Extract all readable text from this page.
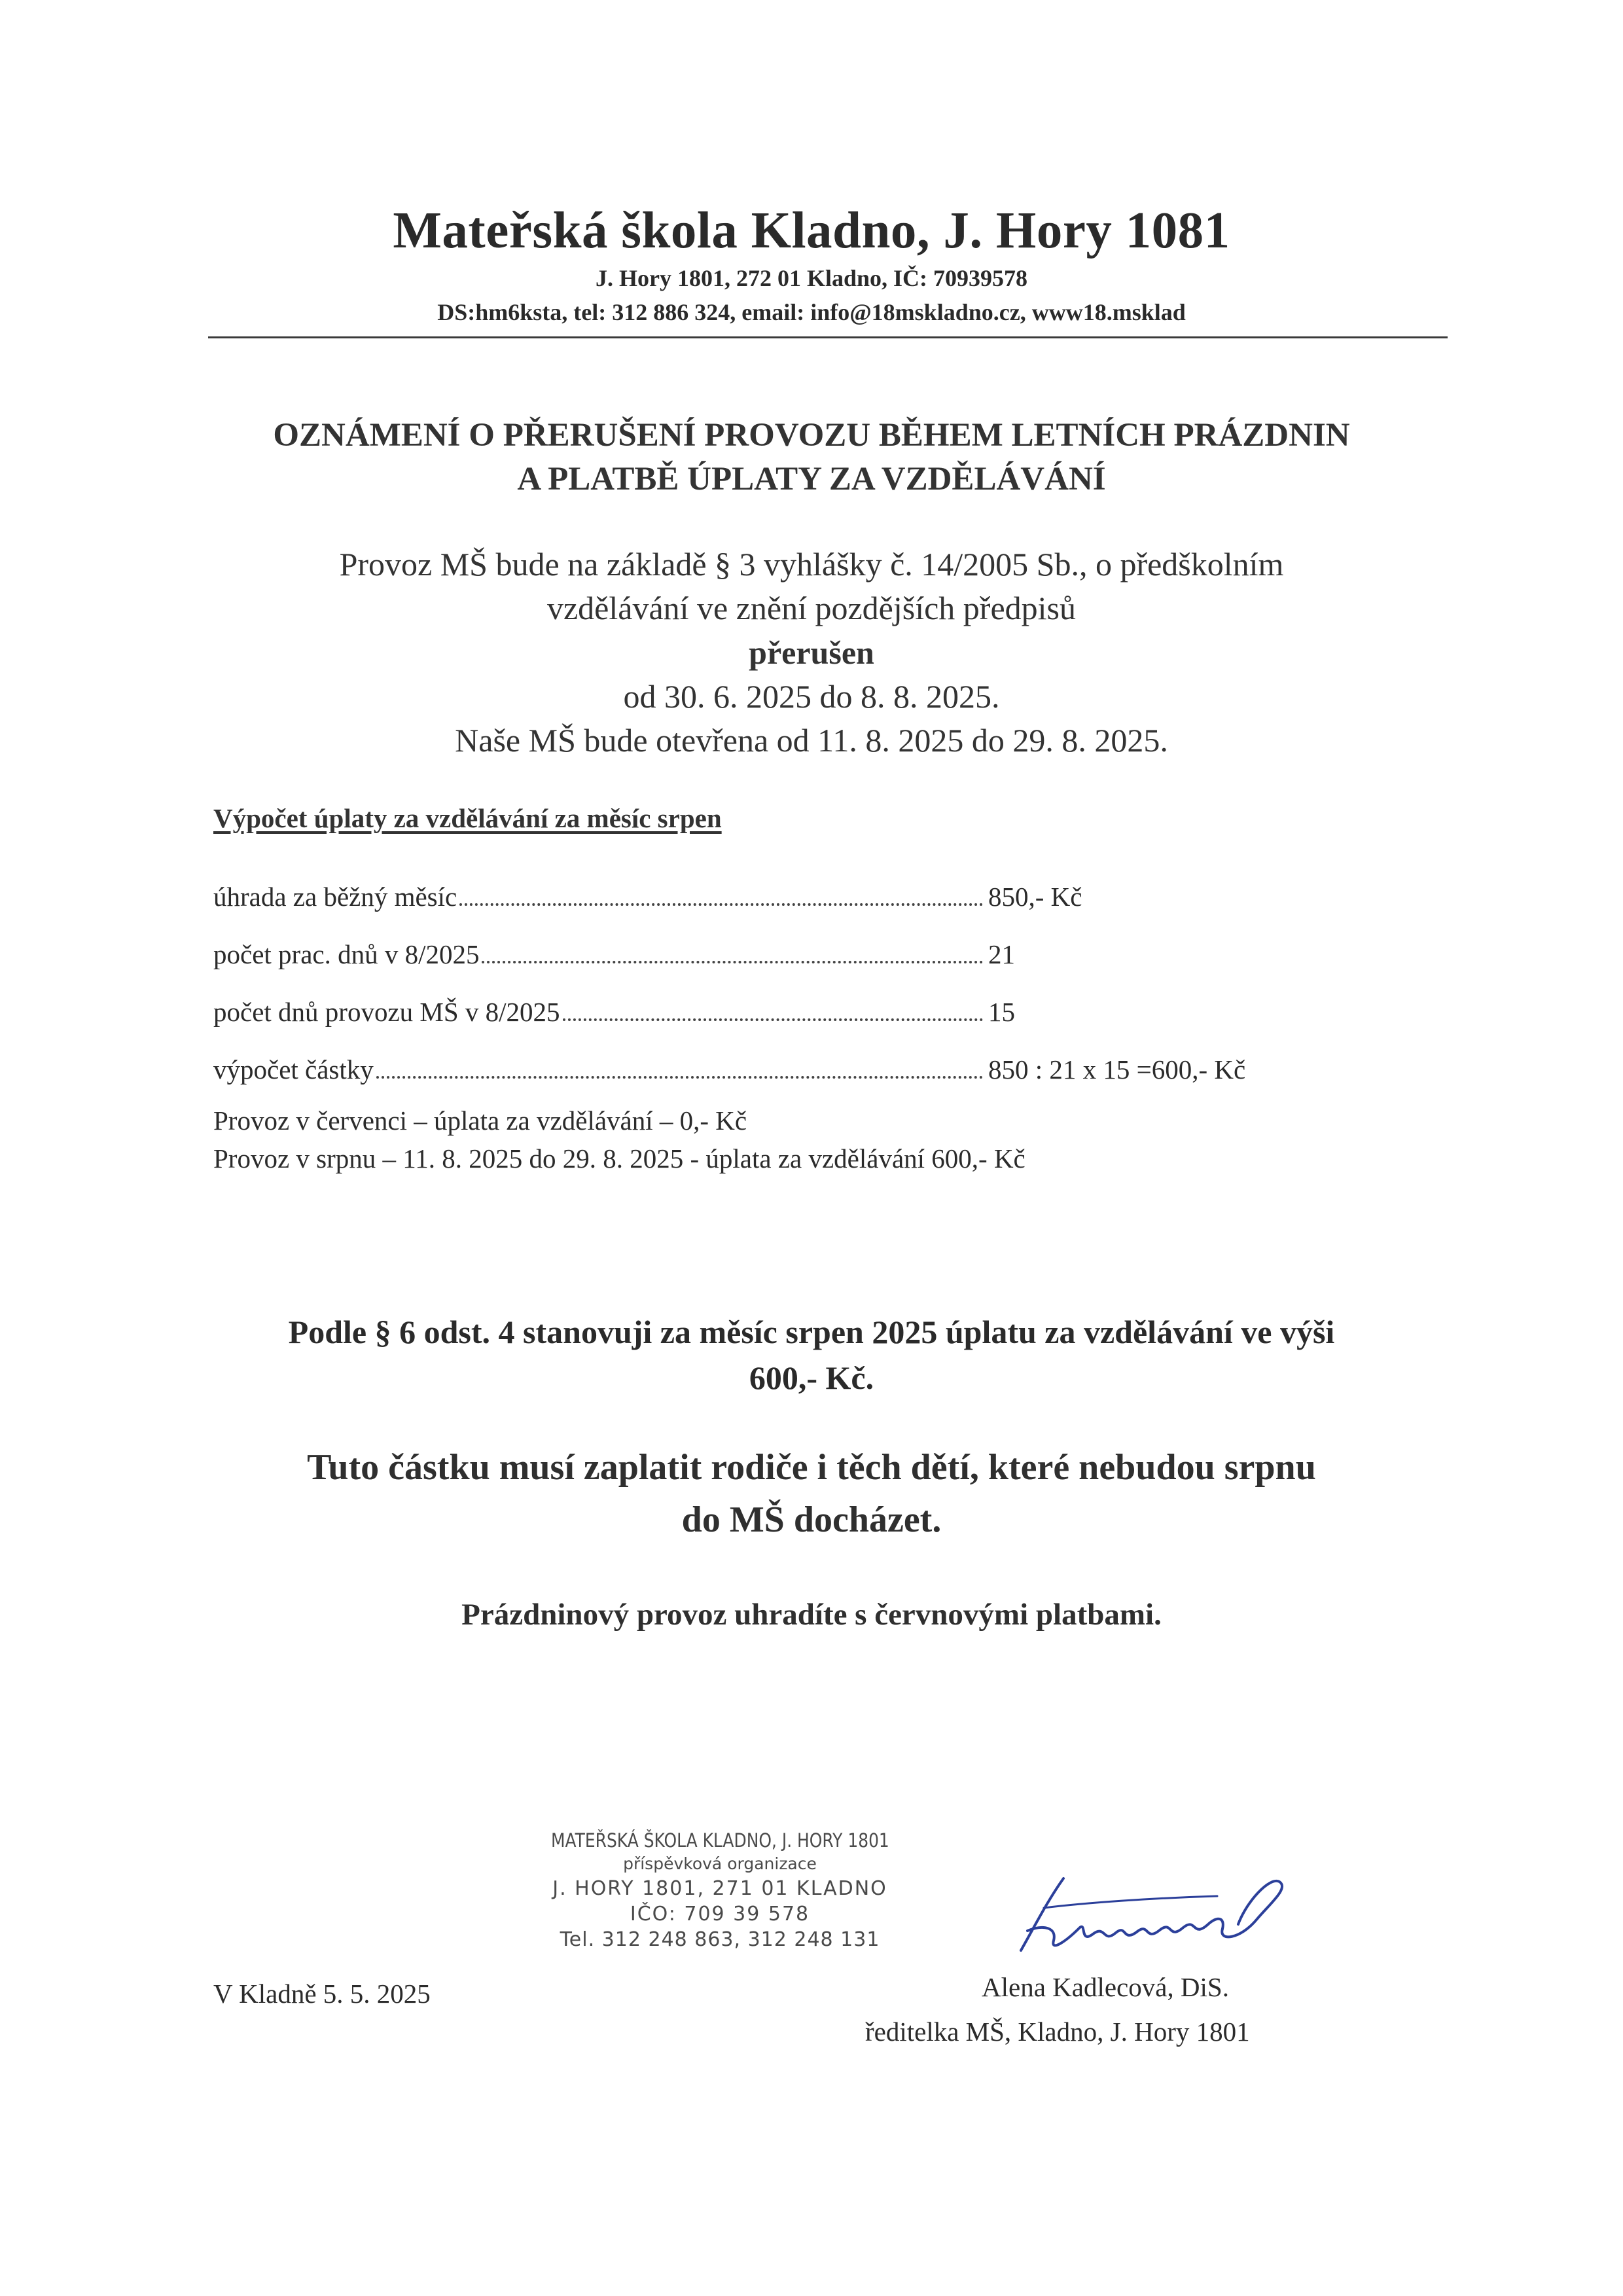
Mateřská škola Kladno, J. Hory 1081
J. Hory 1801, 272 01 Kladno, IČ: 70939578
DS:hm6ksta, tel: 312 886 324, email: info@18mskladno.cz, www18.msklad
OZNÁMENÍ O PŘERUŠENÍ PROVOZU BĚHEM LETNÍCH PRÁZDNIN
A PLATBĚ ÚPLATY ZA VZDĚLÁVÁNÍ
Provoz MŠ bude na základě § 3 vyhlášky č. 14/2005 Sb., o předškolním
vzdělávání ve znění pozdějších předpisů
přerušen
od 30. 6. 2025 do 8. 8. 2025.
Naše MŠ bude otevřena od 11. 8. 2025 do 29. 8. 2025.
Výpočet úplaty za vzdělávání za měsíc srpen
úhrada za běžný měsíc	850,- Kč
počet prac. dnů v 8/2025	21
počet dnů provozu MŠ v 8/2025	15
výpočet částky	850 : 21 x 15 =600,- Kč
Provoz v červenci – úplata za vzdělávání – 0,- Kč
Provoz v srpnu – 11. 8. 2025 do 29. 8. 2025 - úplata za vzdělávání 600,- Kč
Podle § 6 odst. 4 stanovuji za měsíc srpen 2025 úplatu za vzdělávání ve výši
600,- Kč.
Tuto částku musí zaplatit rodiče i těch dětí, které nebudou srpnu
do MŠ docházet.
Prázdninový provoz uhradíte s červnovými platbami.
MATEŘSKÁ ŠKOLA KLADNO, J. HORY 1801
příspěvková organizace
J. HORY 1801, 271 01 KLADNO
IČO: 709 39 578
Tel. 312 248 863, 312 248 131
V Kladně 5. 5. 2025	Alena Kadlecová, DiS.
ředitelka MŠ, Kladno, J. Hory 1801
